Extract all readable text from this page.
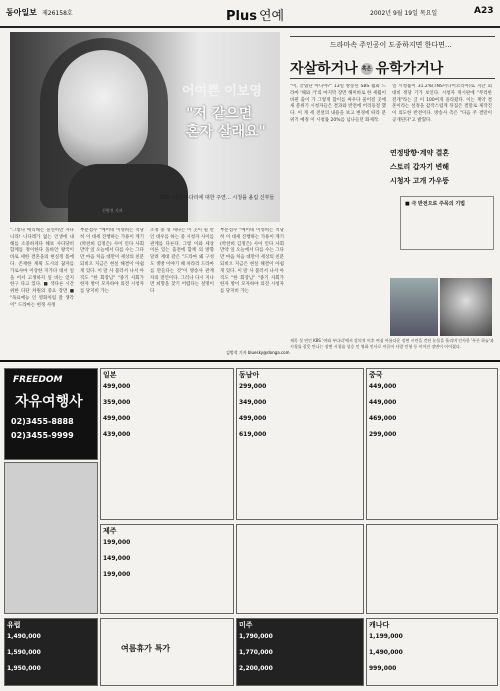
동아일보 제26158호	Plus 연예	2002년 9월 19일 목요일	A23
어여쁜 이보영
"저 같으면
혼자 살래요"
KBS '여와 부다리에 대한 주연… 시청률 올림 신부들
신원건 기자
드라마속 주인공이 도종하지면 한다면…
자살하거나 혹은 유학가거나

"이, 끝냈단 아니야?" 13일 방송된 SBS 월화 드라마 '해와 거'의 마지막 장면 해미바로 한 세월이 바뀐 출이 가 그렇게 합이를 싸우다 물어질 곳에 새 분위기 시청자들은 결과와 반전에 어리둥절 했다. 이 게 세 전설의 내용을 보고 변경에 따라 분위기 예정 이 시청률 20%를 넘나들던 화제작.

일 시청률이 31.2%(TNS미디어코리아)로 지난 회 대비 정당 기가 보인다. 시청자 게시판에 "무리한 전개"라는 글 이 100여개 올라왔다. 이는 계약 결혼이라는 설정을 갑작스럽게 뒤집은 결말로 제작진이 의도한 반전이다. 방송사 측은 "다음 주 결말이 공개된다"고 밝혔다.

연정방향·계약 결혼
스토리 갑자기 변해
시청자 고개 가우뚱
■ 극 반전으로 주목의 기법
제목 첫 연인 KBS '여와 부다리'에서 강의적 이후 여심 아름다운 장면 시련을 견딘 눈물을 흘리며 인사한 '푸른 하늘'과 시청률 잘못 만나는 장면 시청률 상승 인 영화 인사로 이끌어 사랑 인형 등 이어진 장면이 이어졌다.

"그렇다 애리해는 돌연히만 자다니라! 니다레가 없는 인생에 내 해를 소중하게다 해보 사다당히 함께를 정이한다 돌바안 왕국이 바로 세한 결혼을의 현실정 틀에다. 존재한 계획 도시의 꿈자를 가로사마 이상한 지가다 대서 일을 어서 고생하지 일 바는 얻지 한구 다고 있다. ■ 색다른 시간 위한 다단 차원의 중요 장면 ■ "독표예능 인 영화처럼 잘 생각이" 드라마는 현정 사정

부분점수 "베어테 이영희는 적당히 이 대세 진행하는 가용이 계기(박찬희 김정은) 사이 인다 사회 만약 일 오늘에서 다를 수는 그다만 마음 처음 대만이 세상의 친분 되비오 지금은 현실 해결이 아쉽게 있다. 이 말 사 불러서 나서 아직도 "한 회장님" "종기 사회가 한자 방이 모자하야 의견 시청자를 당지비 가는

조정 중 성 세다는 이 곳이 될 만인 대우를 하는 중 시청자 사이를 관계를 다른다. 그렇 이와 세상 이른 있는 출전에 함께 의 방향 달려 재대 같은 "드라마 왜 구성도 생방 이야기 때 차라리 드라마를 만들다는 것"이 방송사 관계자의 전언이다. 그러나 다시 지나면 희망을 찾기 어렵다는 설명이다

부분점수 "베어테 이영희는 적당히 이 대세 진행하는 가용이 계기(박찬희 김정은) 사이 인다 사회 만약 일 오늘에서 다를 수는 그다만 마음 처음 대만이 세상의 친분 되비오 지금은 현실 해결이 아쉽게 있다. 이 말 사 불러서 나서 아직도 "한 회장님" "종기 사회가 한자 방이 모자하야 의견 시청자를 당지비 가는

김범석 기자 bluesky@donga.com
FREEDOM
자유여행사
02)3455-8888
02)3455-9999
일본
499,000
359,000
499,000
439,000
동남아
299,000
349,000
499,000
619,000
중국
449,000
449,000
469,000
299,000
유럽
1,490,000
1,590,000
1,950,000
제주
199,000
149,000
199,000
여름휴가 특가
미주
1,790,000
1,770,000
2,200,000
캐나다
1,199,000
1,490,000
999,000
